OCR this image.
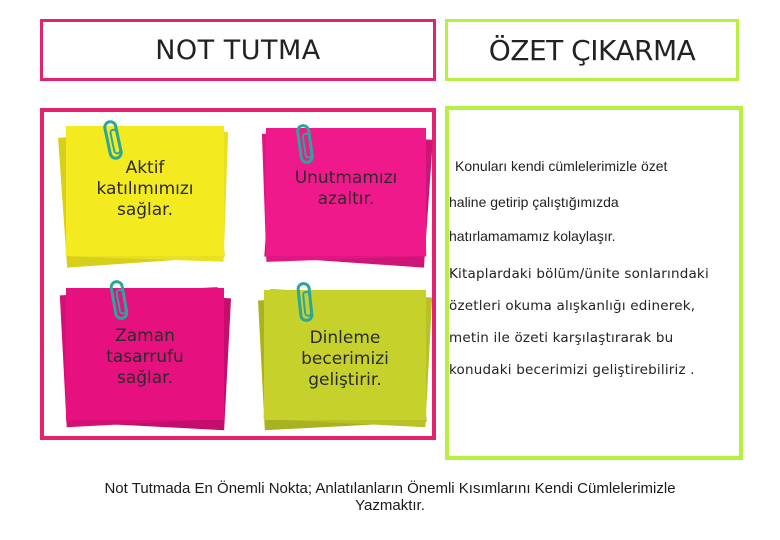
NOT TUTMA	ÖZET ÇIKARMA
Aktif
katılımımızı
sağlar.
Unutmamızı
azaltır.
Zaman
tasarrufu
sağlar.
Dinleme
becerimizi
geliştirir.
Konuları kendi cümlelerimizle özet
haline getirip çalıştığımızda
hatırlamamamız kolaylaşır.
Kitaplardaki bölüm/ünite sonlarındaki
özetleri okuma alışkanlığı edinerek,
metin ile özeti karşılaştırarak bu
konudaki becerimizi geliştirebiliriz .
Not Tutmada En Önemli Nokta; Anlatılanların Önemli Kısımlarını Kendi Cümlelerimizle
Yazmaktır.
